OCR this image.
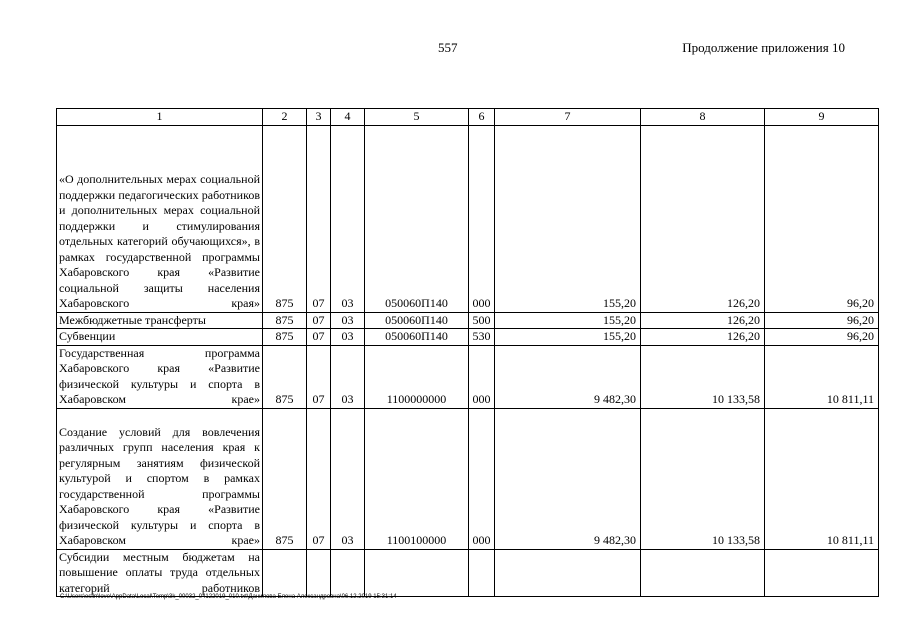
557	Продолжение приложения 10
1	2	3	4	5	6	7	8	9
«О дополнительных мерах социальной поддержки педагогических работников и дополнительных мерах социальной поддержки и стимулирования отдельных категорий обучающихся», в рамках государственной программы Хабаровского края «Развитие социальной защиты населения Хабаровского края»	875	07	03	050060П140	000	155,20	126,20	96,20
Межбюджетные трансферты	875	07	03	050060П140	500	155,20	126,20	96,20
Субвенции	875	07	03	050060П140	530	155,20	126,20	96,20
Государственная программа Хабаровского края «Развитие физической культуры и спорта в Хабаровском крае»	875	07	03	1100000000	000	9 482,30	10 133,58	10 811,11
Создание условий для вовлечения различных групп населения края к регулярным занятиям физической культурой и спортом в рамках государственной программы Хабаровского края «Развитие физической культуры и спорта в Хабаровском крае»	875	07	03	1100100000	000	9 482,30	10 133,58	10 811,11
Субсидии местным бюджетам на повышение оплаты труда отдельных категорий работников								
C:\Users\eslin\love\AppData\Local\Temp\3k_00032_04122019_010.txt\Данилова Елена Александровна\06.12.2019 15:31:14
